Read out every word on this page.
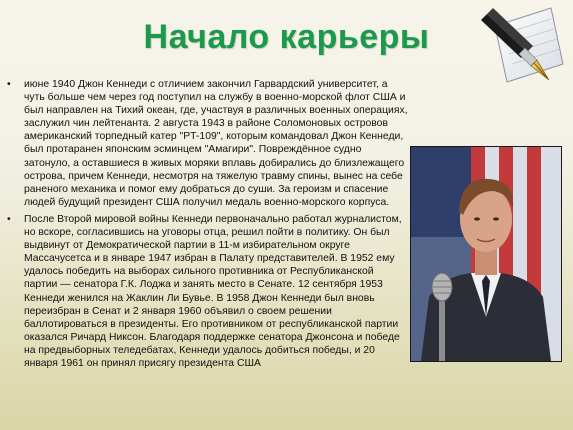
Начало карьеры
• июне 1940 Джон Кеннеди с отличием закончил Гарвардский университет, а чуть больше чем через год поступил на службу в военно-морской флот США и был направлен на Тихий океан, где, участвуя в различных военных операциях, заслужил чин лейтенанта. 2 августа 1943 в районе Соломоновых островов американский торпедный катер "PT-109", которым командовал Джон Кеннеди, был протаранен японским эсминцем "Амагири". Повреждённое судно затонуло, а оставшиеся в живых моряки вплавь добирались до близлежащего острова, причем Кеннеди, несмотря на тяжелую травму спины, вынес на себе раненого механика и помог ему добраться до суши. За героизм и спасение людей будущий президент США получил медаль военно-морского корпуса.
• После Второй мировой войны Кеннеди первоначально работал журналистом, но вскоре, согласившись на уговоры отца, решил пойти в политику. Он был выдвинут от Демократической партии в 11-м избирательном округе Массачусетса и в январе 1947 избран в Палату представителей. В 1952 ему удалось победить на выборах сильного противника от Республиканской партии — сенатора Г.К. Лоджа и занять место в Сенате. 12 сентября 1953 Кеннеди женился на Жаклин Ли Бувье. В 1958 Джон Кеннеди был вновь переизбран в Сенат и 2 января 1960 объявил о своем решении баллотироваться в президенты. Его противником от республиканской партии оказался Ричард Никсон. Благодаря поддержке сенатора Джонсона и победе на предвыборных теледебатах, Кеннеди удалось добиться победы, и 20 января 1961 он принял присягу президента США
